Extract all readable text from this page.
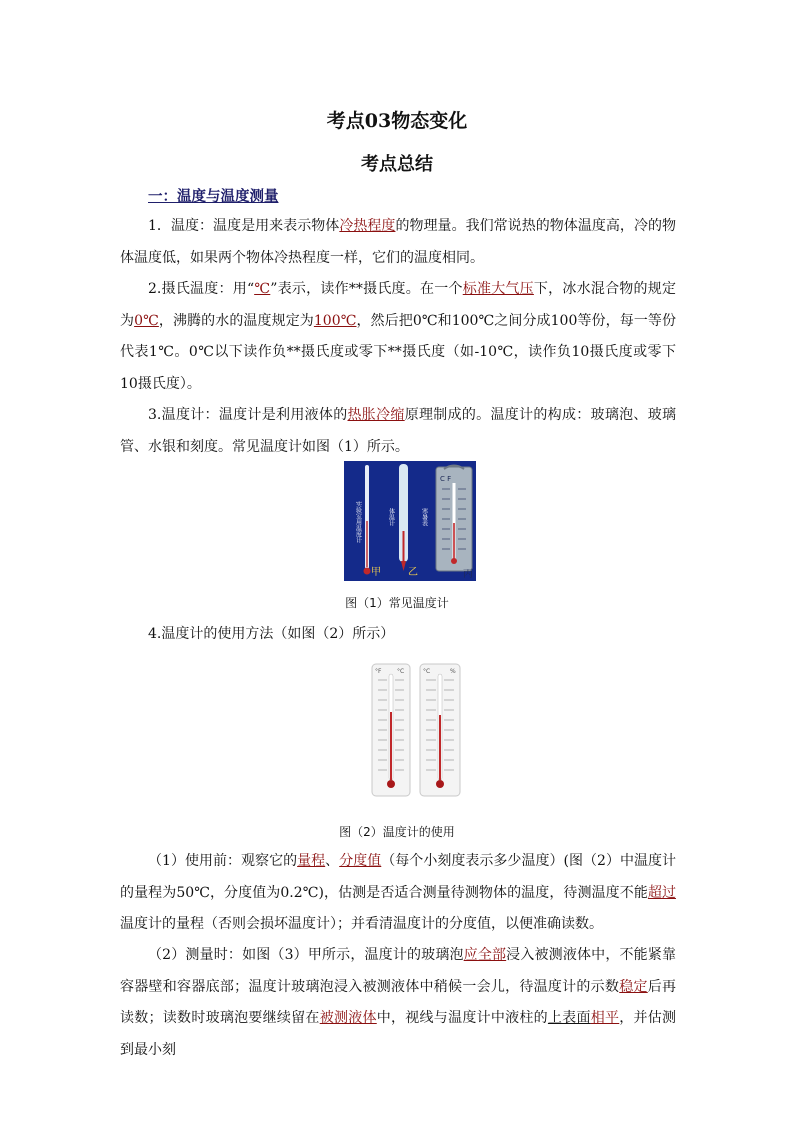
考点03物态变化
考点总结
一：温度与温度测量
1．温度：温度是用来表示物体冷热程度的物理量。我们常说热的物体温度高，冷的物体温度低，如果两个物体冷热程度一样，它们的温度相同。
2.摄氏温度：用“℃”表示，读作**摄氏度。在一个标准大气压下，冰水混合物的规定为0℃，沸腾的水的温度规定为100℃，然后把0℃和100℃之间分成100等份，每一等份代表1℃。0℃以下读作负**摄氏度或零下**摄氏度（如-10℃，读作负10摄氏度或零下10摄氏度）。
3.温度计：温度计是利用液体的热胀冷缩原理制成的。温度计的构成：玻璃泡、玻璃管、水银和刻度。常见温度计如图（1）所示。
实验室用温度计
甲
体温计
乙
C F
寒暑表
丙
图（1）常见温度计
4.温度计的使用方法（如图（2）所示）
°F	°C	°C	%
图（2）温度计的使用
（1）使用前：观察它的量程、分度值（每个小刻度表示多少温度）(图（2）中温度计的量程为50℃，分度值为0.2℃)，估测是否适合测量待测物体的温度，待测温度不能超过温度计的量程（否则会损坏温度计）；并看清温度计的分度值，以便准确读数。
（2）测量时：如图（3）甲所示，温度计的玻璃泡应全部浸入被测液体中，不能紧靠容器壁和容器底部；温度计玻璃泡浸入被测液体中稍候一会儿，待温度计的示数稳定后再读数；读数时玻璃泡要继续留在被测液体中，视线与温度计中液柱的上表面相平，并估测到最小刻
